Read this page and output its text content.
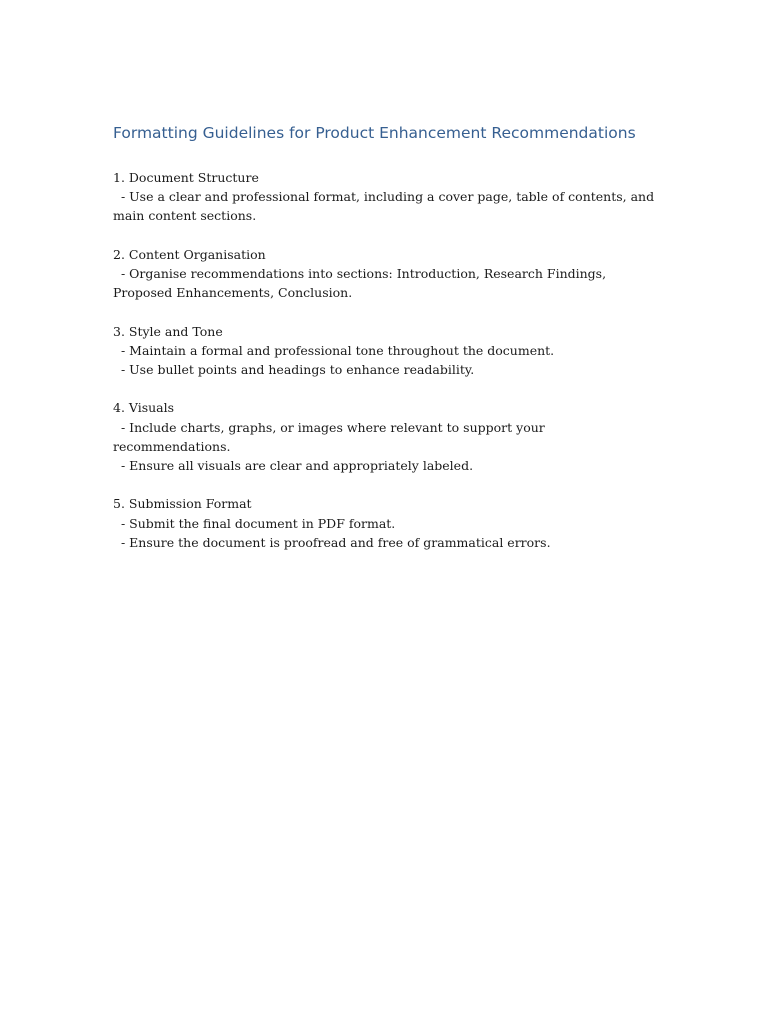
Formatting Guidelines for Product Enhancement Recommendations

1. Document Structure

- Use a clear and professional format, including a cover page, table of contents, and main content sections.

2. Content Organisation

- Organise recommendations into sections: Introduction, Research Findings, Proposed Enhancements, Conclusion.

3. Style and Tone

- Maintain a formal and professional tone throughout the document.

- Use bullet points and headings to enhance readability.

4. Visuals

- Include charts, graphs, or images where relevant to support your recommendations.

- Ensure all visuals are clear and appropriately labeled.

5. Submission Format

- Submit the final document in PDF format.

- Ensure the document is proofread and free of grammatical errors.
